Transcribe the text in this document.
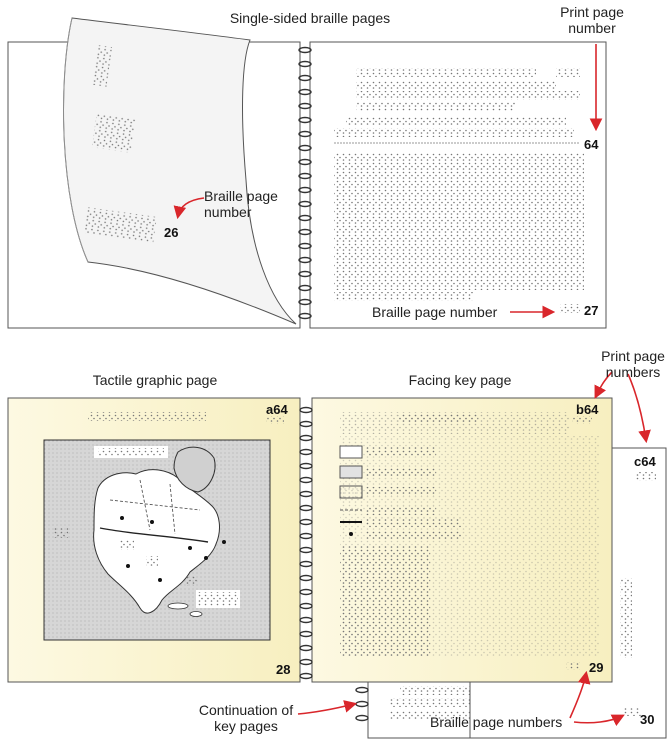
Single-sided braille pages	Print page number
Braille page number
Braille page number
26
64
27
Tactile graphic page	Facing key page
Print page numbers
Continuation of key pages	Braille page numbers
a64	b64
c64
28	29
30
